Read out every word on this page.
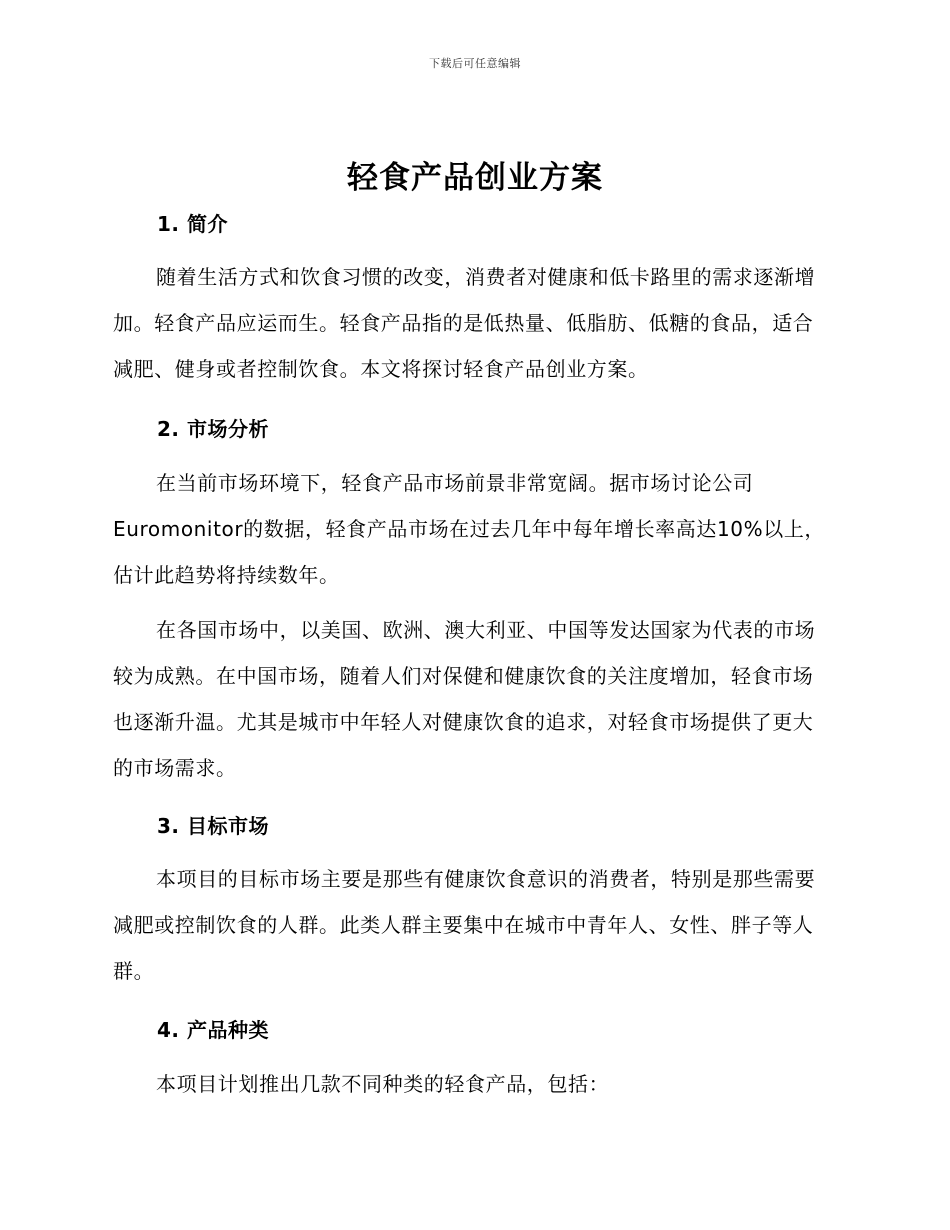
下载后可任意编辑
轻食产品创业方案
1. 简介

随着生活方式和饮食习惯的改变，消费者对健康和低卡路里的需求逐渐增加。轻食产品应运而生。轻食产品指的是低热量、低脂肪、低糖的食品，适合减肥、健身或者控制饮食。本文将探讨轻食产品创业方案。

2. 市场分析

在当前市场环境下，轻食产品市场前景非常宽阔。据市场讨论公司Euromonitor的数据，轻食产品市场在过去几年中每年增长率高达10%以上，估计此趋势将持续数年。

在各国市场中，以美国、欧洲、澳大利亚、中国等发达国家为代表的市场较为成熟。在中国市场，随着人们对保健和健康饮食的关注度增加，轻食市场也逐渐升温。尤其是城市中年轻人对健康饮食的追求，对轻食市场提供了更大的市场需求。

3. 目标市场

本项目的目标市场主要是那些有健康饮食意识的消费者，特别是那些需要减肥或控制饮食的人群。此类人群主要集中在城市中青年人、女性、胖子等人群。

4. 产品种类

本项目计划推出几款不同种类的轻食产品，包括：
